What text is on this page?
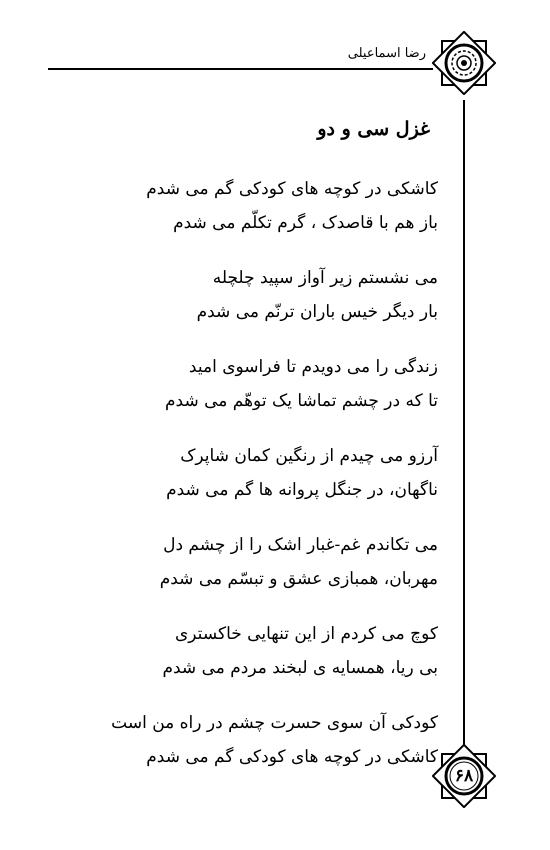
رضا اسماعیلی
۶۸
غزل سی و دو
کاشکی در کوچه های کودکی گم می شدم
باز هم با قاصدک ، گرم تکلّم می شدم
می نشستم زیر آواز سپید چلچله
بار دیگر خیس باران ترنّم می شدم
زندگی را می دویدم تا فراسوی امید
تا که در چشم تماشا یک توهّم می شدم
آرزو می چیدم از رنگین کمان شاپرک
ناگهان، در جنگل پروانه ها گم می شدم
می تکاندم غم-غبار اشک را از چشم دل
مهربان، همبازی عشق و تبسّم می شدم
کوچ می کردم از این تنهایی خاکستری
بی ریا، همسایه ی لبخند مردم می شدم
کودکی آن سوی حسرت چشم در راه من است
کاشکی در کوچه های کودکی گم می شدم
